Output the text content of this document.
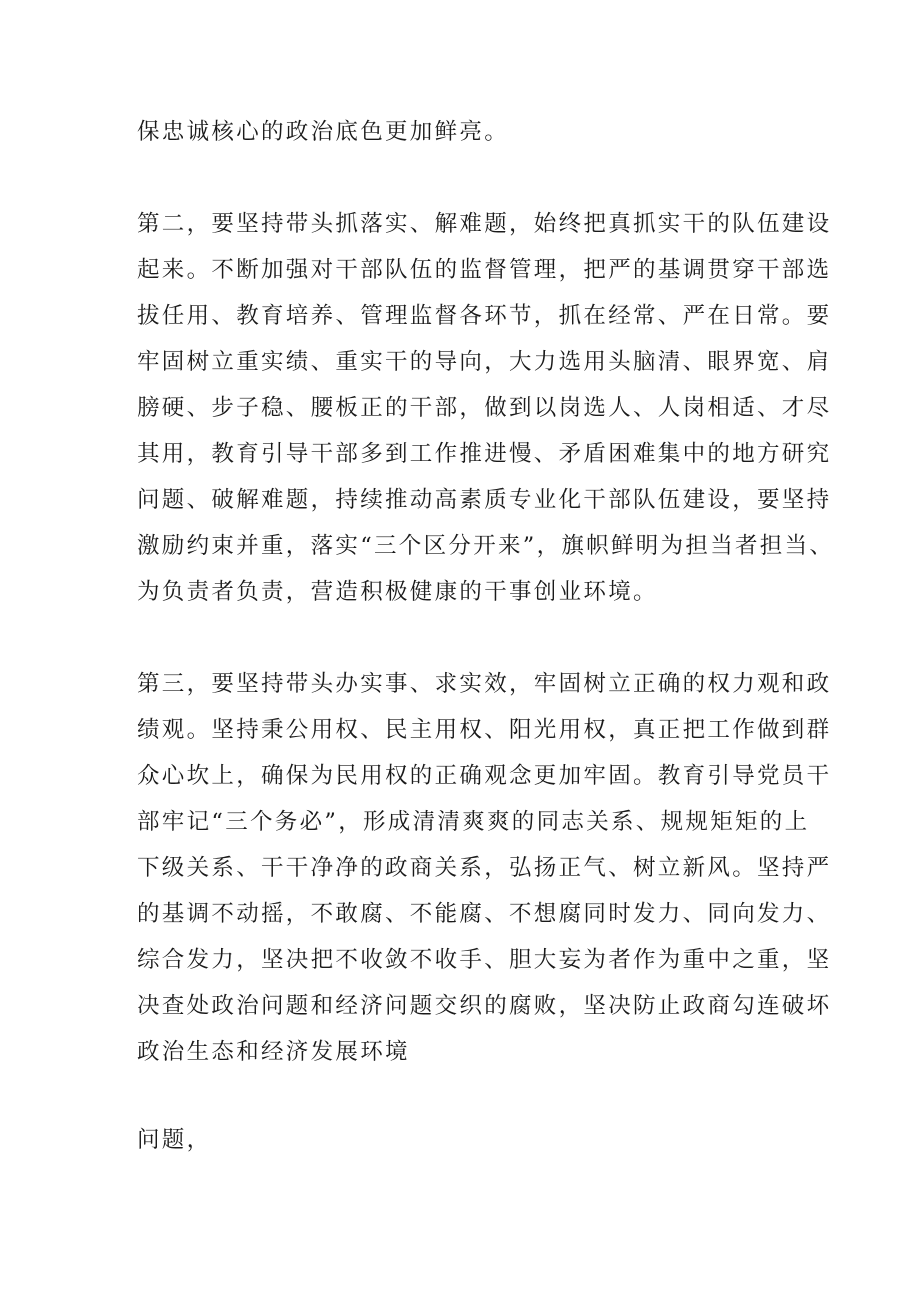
保忠诚核心的政治底色更加鲜亮。
第二，要坚持带头抓落实、解难题，始终把真抓实干的队伍建设
起来。不断加强对干部队伍的监督管理，把严的基调贯穿干部选
拔任用、教育培养、管理监督各环节，抓在经常、严在日常。要
牢固树立重实绩、重实干的导向，大力选用头脑清、眼界宽、肩
膀硬、步子稳、腰板正的干部，做到以岗选人、人岗相适、才尽
其用，教育引导干部多到工作推进慢、矛盾困难集中的地方研究
问题、破解难题，持续推动高素质专业化干部队伍建设，要坚持
激励约束并重，落实“三个区分开来”，旗帜鲜明为担当者担当、
为负责者负责，营造积极健康的干事创业环境。
第三，要坚持带头办实事、求实效，牢固树立正确的权力观和政
绩观。坚持秉公用权、民主用权、阳光用权，真正把工作做到群
众心坎上，确保为民用权的正确观念更加牢固。教育引导党员干
部牢记“三个务必”，形成清清爽爽的同志关系、规规矩矩的上
下级关系、干干净净的政商关系，弘扬正气、树立新风。坚持严
的基调不动摇，不敢腐、不能腐、不想腐同时发力、同向发力、
综合发力，坚决把不收敛不收手、胆大妄为者作为重中之重，坚
决查处政治问题和经济问题交织的腐败，坚决防止政商勾连破坏
政治生态和经济发展环境
问题，
